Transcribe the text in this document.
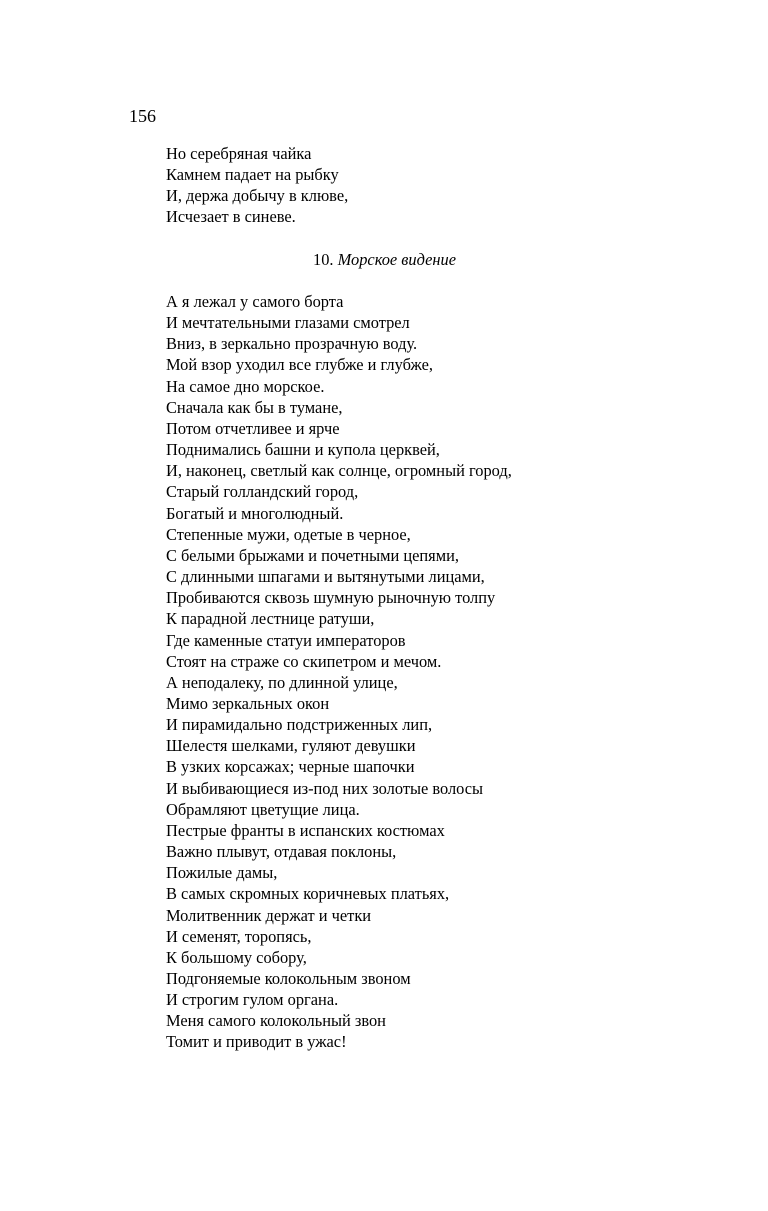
156
Но серебряная чайка
Камнем падает на рыбку
И, держа добычу в клюве,
Исчезает в синеве.
10. Морское видение
А я лежал у самого борта
И мечтательными глазами смотрел
Вниз, в зеркально прозрачную воду.
Мой взор уходил все глубже и глубже,
На самое дно морское.
Сначала как бы в тумане,
Потом отчетливее и ярче
Поднимались башни и купола церквей,
И, наконец, светлый как солнце, огромный город,
Старый голландский город,
Богатый и многолюдный.
Степенные мужи, одетые в черное,
С белыми брыжами и почетными цепями,
С длинными шпагами и вытянутыми лицами,
Пробиваются сквозь шумную рыночную толпу
К парадной лестнице ратуши,
Где каменные статуи императоров
Стоят на страже со скипетром и мечом.
А неподалеку, по длинной улице,
Мимо зеркальных окон
И пирамидально подстриженных лип,
Шелестя шелками, гуляют девушки
В узких корсажах; черные шапочки
И выбивающиеся из-под них золотые волосы
Обрамляют цветущие лица.
Пестрые франты в испанских костюмах
Важно плывут, отдавая поклоны,
Пожилые дамы,
В самых скромных коричневых платьях,
Молитвенник держат и четки
И семенят, торопясь,
К большому собору,
Подгоняемые колокольным звоном
И строгим гулом органа.
Меня самого колокольный звон
Томит и приводит в ужас!
